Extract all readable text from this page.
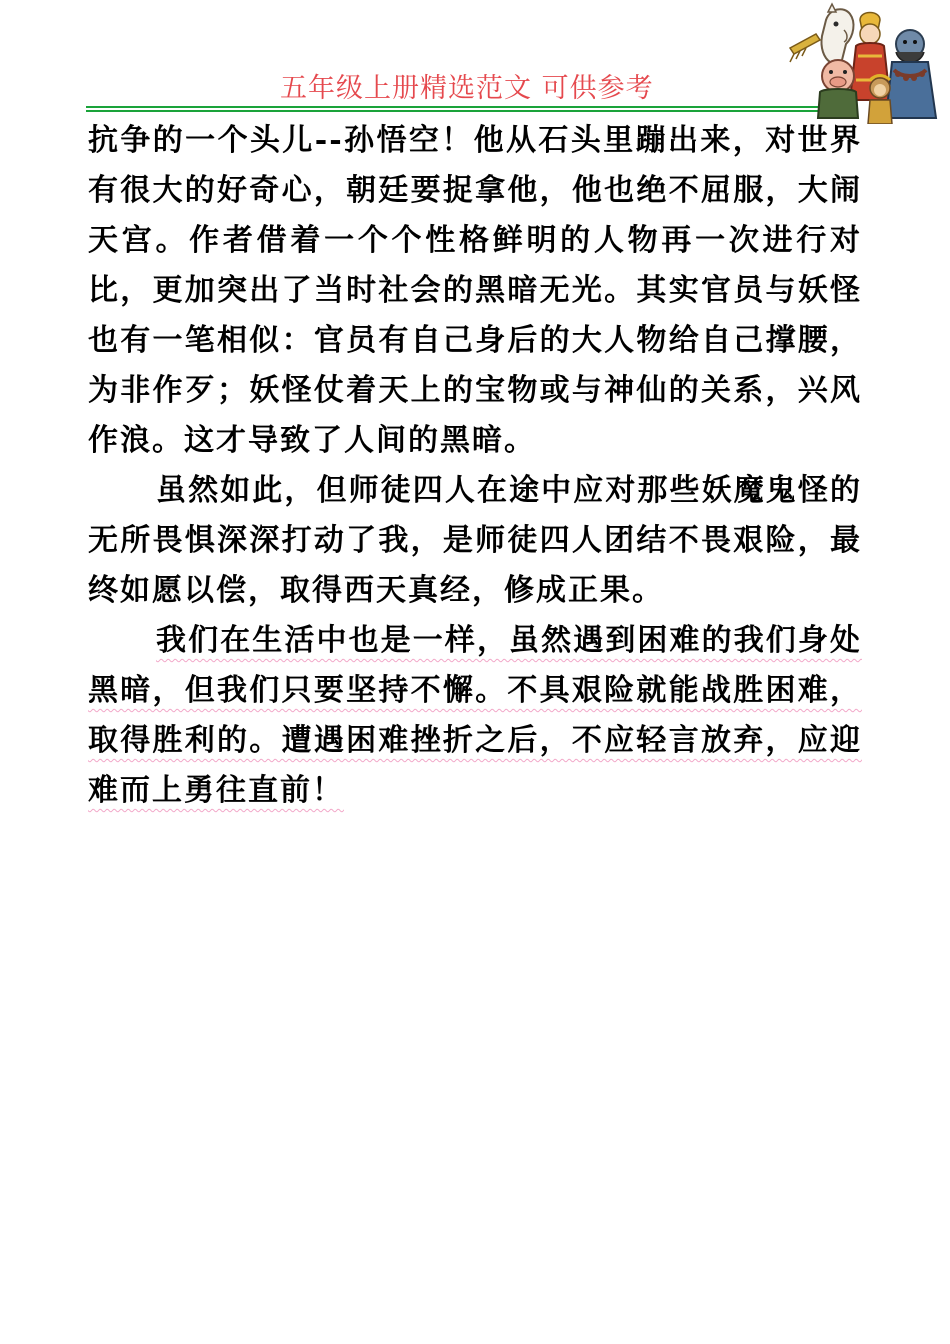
五年级上册精选范文 可供参考

抗争的一个头儿--孙悟空！他从石头里蹦出来，对世界有很大的好奇心，朝廷要捉拿他，他也绝不屈服，大闹天宫。作者借着一个个性格鲜明的人物再一次进行对比，更加突出了当时社会的黑暗无光。其实官员与妖怪也有一笔相似：官员有自己身后的大人物给自己撑腰，为非作歹；妖怪仗着天上的宝物或与神仙的关系，兴风作浪。这才导致了人间的黑暗。

虽然如此，但师徒四人在途中应对那些妖魔鬼怪的无所畏惧深深打动了我，是师徒四人团结不畏艰险，最终如愿以偿，取得西天真经，修成正果。

我们在生活中也是一样，虽然遇到困难的我们身处黑暗，但我们只要坚持不懈。不具艰险就能战胜困难，取得胜利的。遭遇困难挫折之后，不应轻言放弃，应迎难而上勇往直前！
